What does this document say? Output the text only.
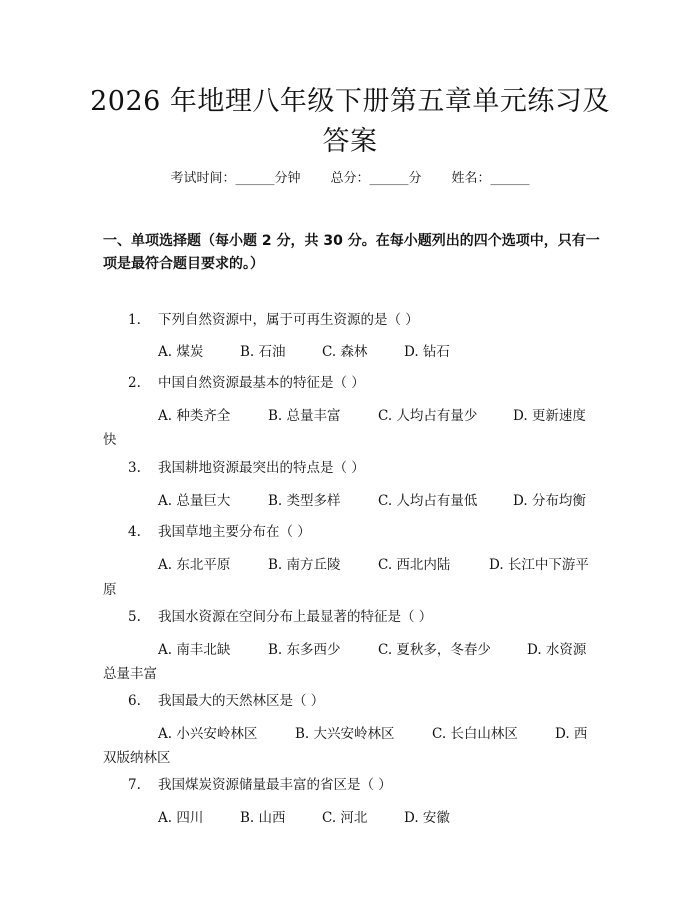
2026 年地理八年级下册第五章单元练习及答案
考试时间：______分钟 总分：______分 姓名：______
一、单项选择题（每小题 2 分，共 30 分。在每小题列出的四个选项中，只有一项是最符合题目要求的。）
1. 下列自然资源中，属于可再生资源的是（ ）
A. 煤炭	B. 石油	C. 森林	D. 钻石
2. 中国自然资源最基本的特征是（ ）
A. 种类齐全	B. 总量丰富	C. 人均占有量少	D. 更新速度
快
3. 我国耕地资源最突出的特点是（ ）
A. 总量巨大	B. 类型多样	C. 人均占有量低	D. 分布均衡
4. 我国草地主要分布在（ ）
A. 东北平原	B. 南方丘陵	C. 西北内陆	D. 长江中下游平
原
5. 我国水资源在空间分布上最显著的特征是（ ）
A. 南丰北缺	B. 东多西少	C. 夏秋多，冬春少	D. 水资源
总量丰富
6. 我国最大的天然林区是（ ）
A. 小兴安岭林区	B. 大兴安岭林区	C. 长白山林区	D. 西
双版纳林区
7. 我国煤炭资源储量最丰富的省区是（ ）
A. 四川	B. 山西	C. 河北	D. 安徽
